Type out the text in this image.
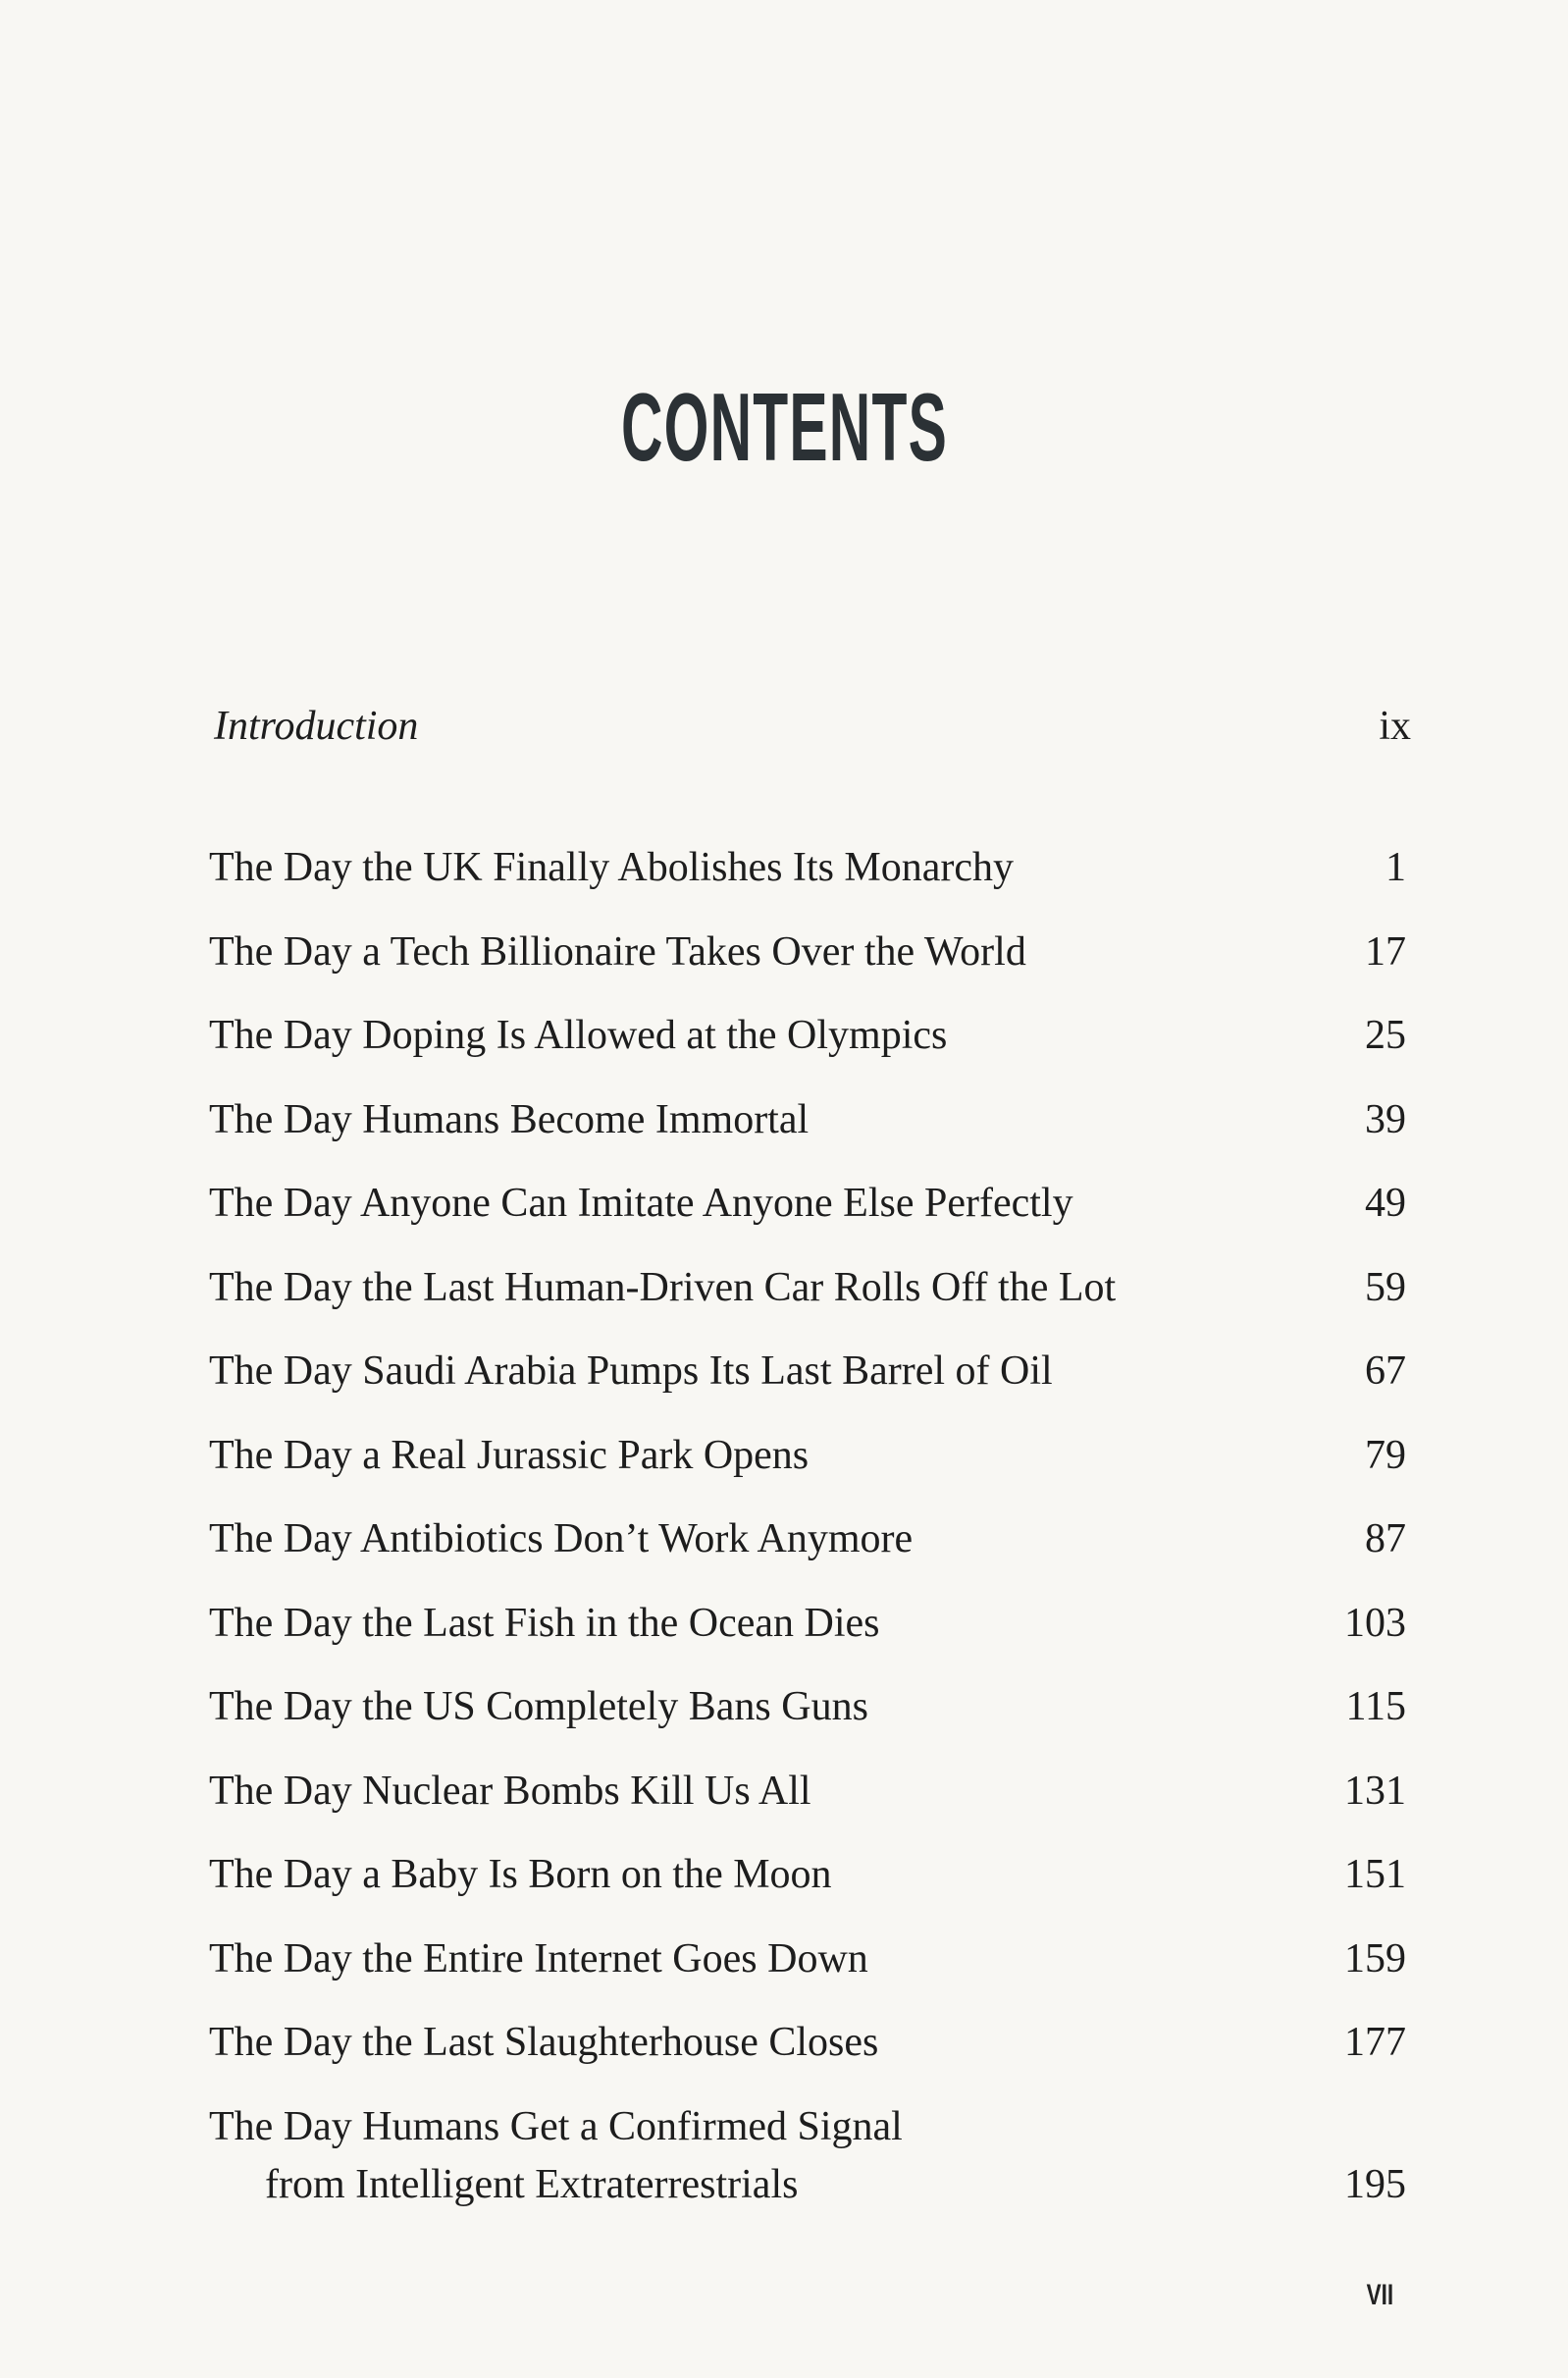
CONTENTS
Introduction	ix
The Day the UK Finally Abolishes Its Monarchy	1
The Day a Tech Billionaire Takes Over the World	17
The Day Doping Is Allowed at the Olympics	25
The Day Humans Become Immortal	39
The Day Anyone Can Imitate Anyone Else Perfectly	49
The Day the Last Human-Driven Car Rolls Off the Lot	59
The Day Saudi Arabia Pumps Its Last Barrel of Oil	67
The Day a Real Jurassic Park Opens	79
The Day Antibiotics Don’t Work Anymore	87
The Day the Last Fish in the Ocean Dies	103
The Day the US Completely Bans Guns	115
The Day Nuclear Bombs Kill Us All	131
The Day a Baby Is Born on the Moon	151
The Day the Entire Internet Goes Down	159
The Day the Last Slaughterhouse Closes	177
The Day Humans Get a Confirmed Signal
from Intelligent Extraterrestrials	195
VII
